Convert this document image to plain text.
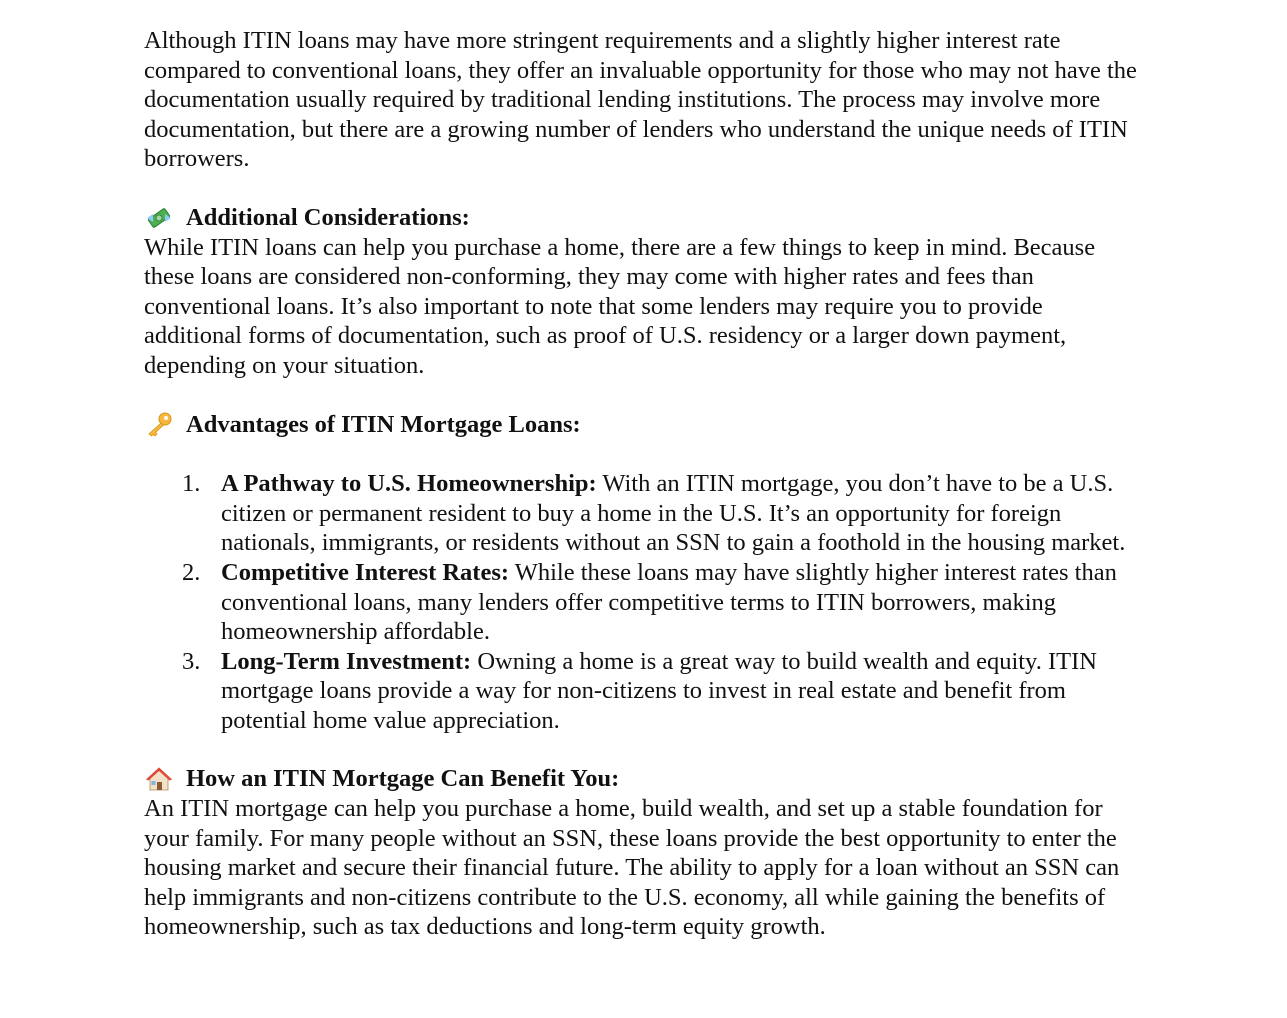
Although ITIN loans may have more stringent requirements and a slightly higher interest rate compared to conventional loans, they offer an invaluable opportunity for those who may not have the documentation usually required by traditional lending institutions. The process may involve more documentation, but there are a growing number of lenders who understand the unique needs of ITIN borrowers.

Additional Considerations:

While ITIN loans can help you purchase a home, there are a few things to keep in mind. Because these loans are considered non-conforming, they may come with higher rates and fees than conventional loans. It’s also important to note that some lenders may require you to provide additional forms of documentation, such as proof of U.S. residency or a larger down payment, depending on your situation.

Advantages of ITIN Mortgage Loans:

1. A Pathway to U.S. Homeownership: With an ITIN mortgage, you don’t have to be a U.S. citizen or permanent resident to buy a home in the U.S. It’s an opportunity for foreign nationals, immigrants, or residents without an SSN to gain a foothold in the housing market.
2. Competitive Interest Rates: While these loans may have slightly higher interest rates than conventional loans, many lenders offer competitive terms to ITIN borrowers, making homeownership affordable.
3. Long-Term Investment: Owning a home is a great way to build wealth and equity. ITIN mortgage loans provide a way for non-citizens to invest in real estate and benefit from potential home value appreciation.

How an ITIN Mortgage Can Benefit You:

An ITIN mortgage can help you purchase a home, build wealth, and set up a stable foundation for your family. For many people without an SSN, these loans provide the best opportunity to enter the housing market and secure their financial future. The ability to apply for a loan without an SSN can help immigrants and non-citizens contribute to the U.S. economy, all while gaining the benefits of homeownership, such as tax deductions and long-term equity growth.
